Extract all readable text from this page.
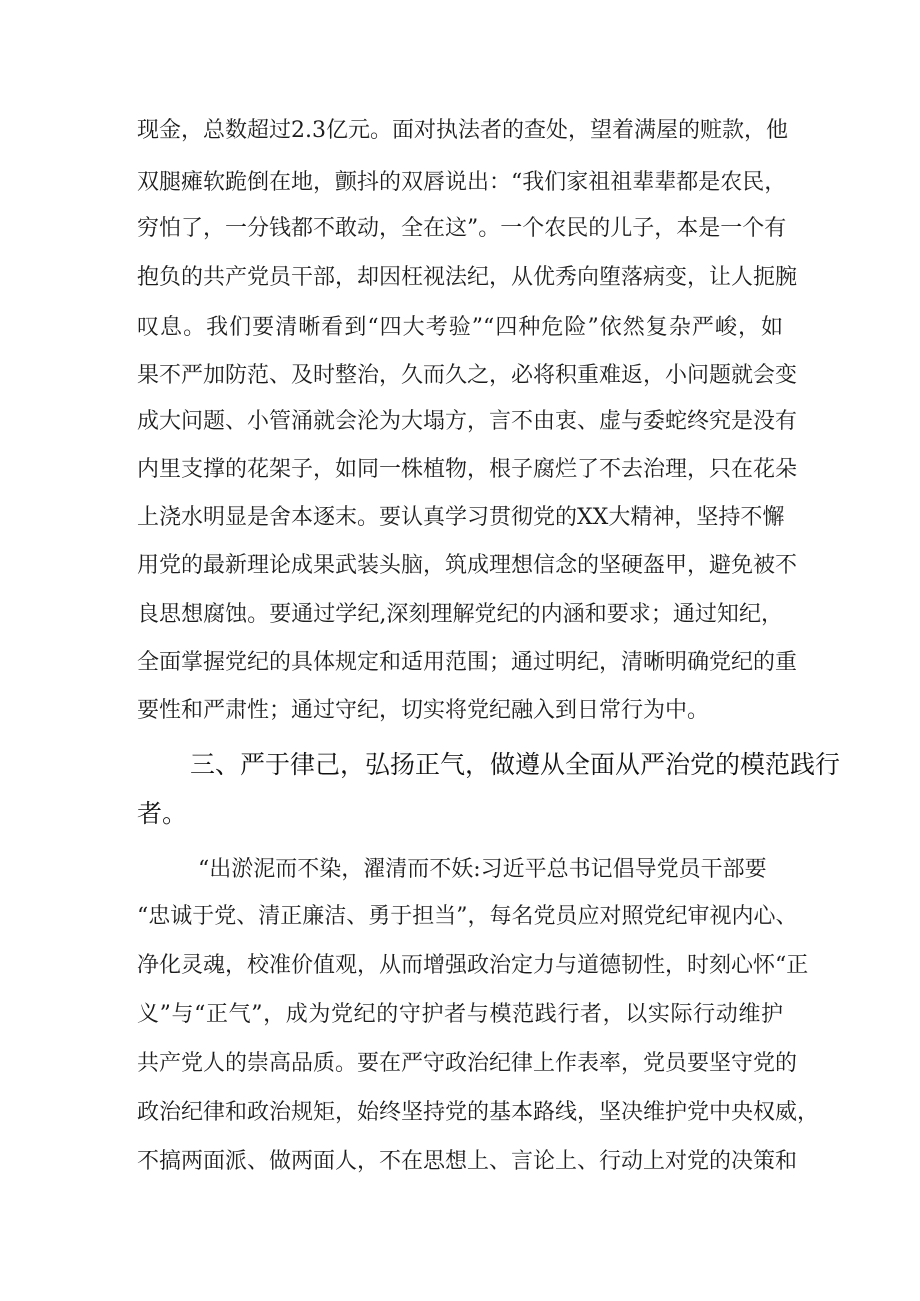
现金，总数超过2.3亿元。面对执法者的查处，望着满屋的赃款，他
双腿瘫软跪倒在地，颤抖的双唇说出：“我们家祖祖辈辈都是农民，
穷怕了，一分钱都不敢动，全在这”。一个农民的儿子，本是一个有
抱负的共产党员干部，却因枉视法纪，从优秀向堕落病变，让人扼腕
叹息。我们要清晰看到“四大考验”“四种危险”依然复杂严峻，如
果不严加防范、及时整治，久而久之，必将积重难返，小问题就会变
成大问题、小管涌就会沦为大塌方，言不由衷、虚与委蛇终究是没有
内里支撑的花架子，如同一株植物，根子腐烂了不去治理，只在花朵
上浇水明显是舍本逐末。要认真学习贯彻党的XX大精神，坚持不懈
用党的最新理论成果武装头脑，筑成理想信念的坚硬盔甲，避免被不
良思想腐蚀。要通过学纪,深刻理解党纪的内涵和要求；通过知纪，
全面掌握党纪的具体规定和适用范围；通过明纪，清晰明确党纪的重
要性和严肃性；通过守纪，切实将党纪融入到日常行为中。
三、严于律己，弘扬正气，做遵从全面从严治党的模范践行
者。
“出淤泥而不染，濯清而不妖:习近平总书记倡导党员干部要
“忠诚于党、清正廉洁、勇于担当”，每名党员应对照党纪审视内心、
净化灵魂，校准价值观，从而增强政治定力与道德韧性，时刻心怀“正
义”与“正气”，成为党纪的守护者与模范践行者，以实际行动维护
共产党人的崇高品质。要在严守政治纪律上作表率，党员要坚守党的
政治纪律和政治规矩，始终坚持党的基本路线，坚决维护党中央权威，
不搞两面派、做两面人，不在思想上、言论上、行动上对党的决策和
